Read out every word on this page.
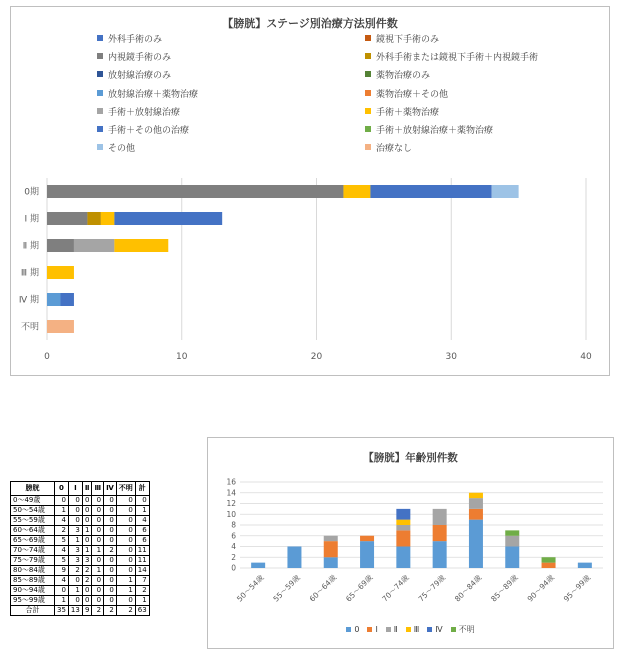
【膀胱】ステージ別治療方法別件数
外科手術のみ	鏡視下手術のみ
内視鏡手術のみ	外科手術または鏡視下手術＋内視鏡手術
放射線治療のみ	薬物治療のみ
放射線治療＋薬物治療	薬物治療＋その他
手術＋放射線治療	手術＋薬物治療
手術＋その他の治療	手術＋放射線治療＋薬物治療
その他	治療なし
0	10	20	30	40
0期
Ⅰ 期
Ⅱ 期
Ⅲ 期
Ⅳ 期
不明
膀胱	0	Ⅰ	Ⅱ	Ⅲ	Ⅳ	不明	計
0～49歳	0	0	0	0	0	0	0
50～54歳	1	0	0	0	0	0	1
55～59歳	4	0	0	0	0	0	4
60～64歳	2	3	1	0	0	0	6
65～69歳	5	1	0	0	0	0	6
70～74歳	4	3	1	1	2	0	11
75～79歳	5	3	3	0	0	0	11
80～84歳	9	2	2	1	0	0	14
85～89歳	4	0	2	0	0	1	7
90～94歳	0	1	0	0	0	1	2
95～99歳	1	0	0	0	0	0	1
合計	35	13	9	2	2	2	63
【膀胱】年齢別件数
0
2
4
6
8
10
12
14
16
50～54歳 55～59歳 60～64歳 65～69歳 70～74歳 75～79歳 80～84歳 85～89歳 90～94歳 95～99歳
0 Ⅰ Ⅱ Ⅲ Ⅳ 不明
